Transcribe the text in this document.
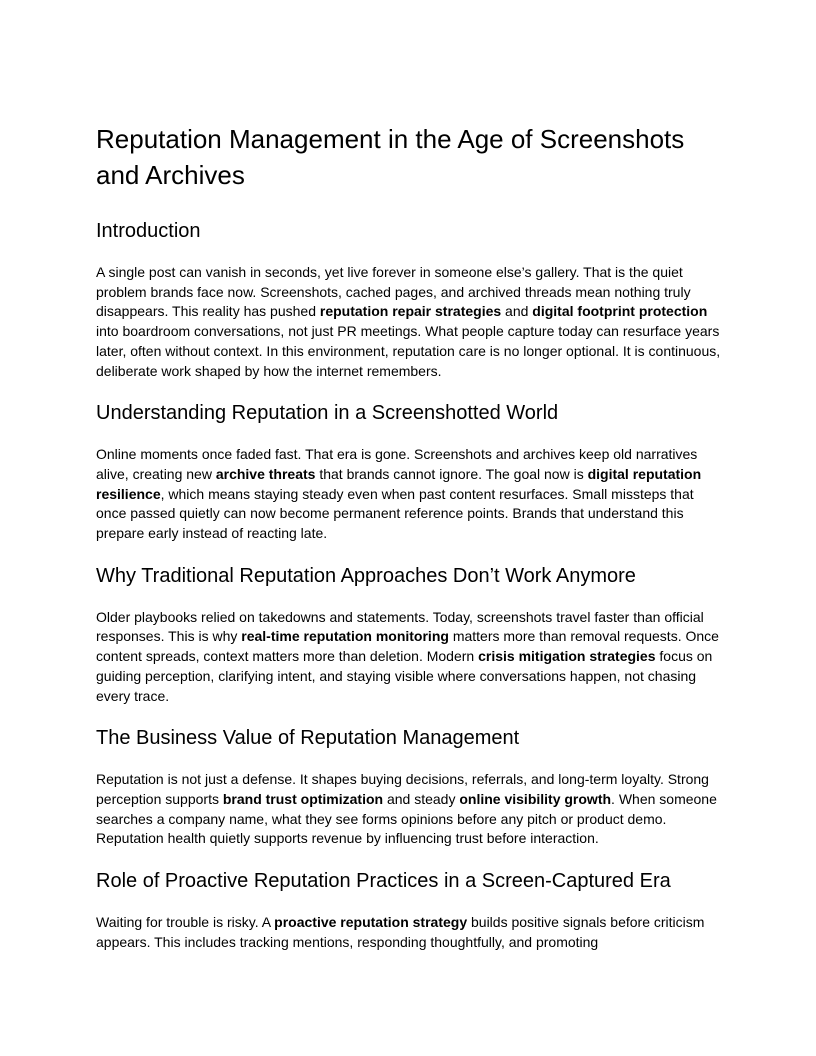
Reputation Management in the Age of Screenshots and Archives
Introduction

A single post can vanish in seconds, yet live forever in someone else’s gallery. That is the quiet problem brands face now. Screenshots, cached pages, and archived threads mean nothing truly disappears. This reality has pushed reputation repair strategies and digital footprint protection into boardroom conversations, not just PR meetings. What people capture today can resurface years later, often without context. In this environment, reputation care is no longer optional. It is continuous, deliberate work shaped by how the internet remembers.

Understanding Reputation in a Screenshotted World

Online moments once faded fast. That era is gone. Screenshots and archives keep old narratives alive, creating new archive threats that brands cannot ignore. The goal now is digital reputation resilience, which means staying steady even when past content resurfaces. Small missteps that once passed quietly can now become permanent reference points. Brands that understand this prepare early instead of reacting late.

Why Traditional Reputation Approaches Don’t Work Anymore

Older playbooks relied on takedowns and statements. Today, screenshots travel faster than official responses. This is why real-time reputation monitoring matters more than removal requests. Once content spreads, context matters more than deletion. Modern crisis mitigation strategies focus on guiding perception, clarifying intent, and staying visible where conversations happen, not chasing every trace.

The Business Value of Reputation Management

Reputation is not just a defense. It shapes buying decisions, referrals, and long-term loyalty. Strong perception supports brand trust optimization and steady online visibility growth. When someone searches a company name, what they see forms opinions before any pitch or product demo. Reputation health quietly supports revenue by influencing trust before interaction.

Role of Proactive Reputation Practices in a Screen-Captured Era

Waiting for trouble is risky. A proactive reputation strategy builds positive signals before criticism appears. This includes tracking mentions, responding thoughtfully, and promoting
